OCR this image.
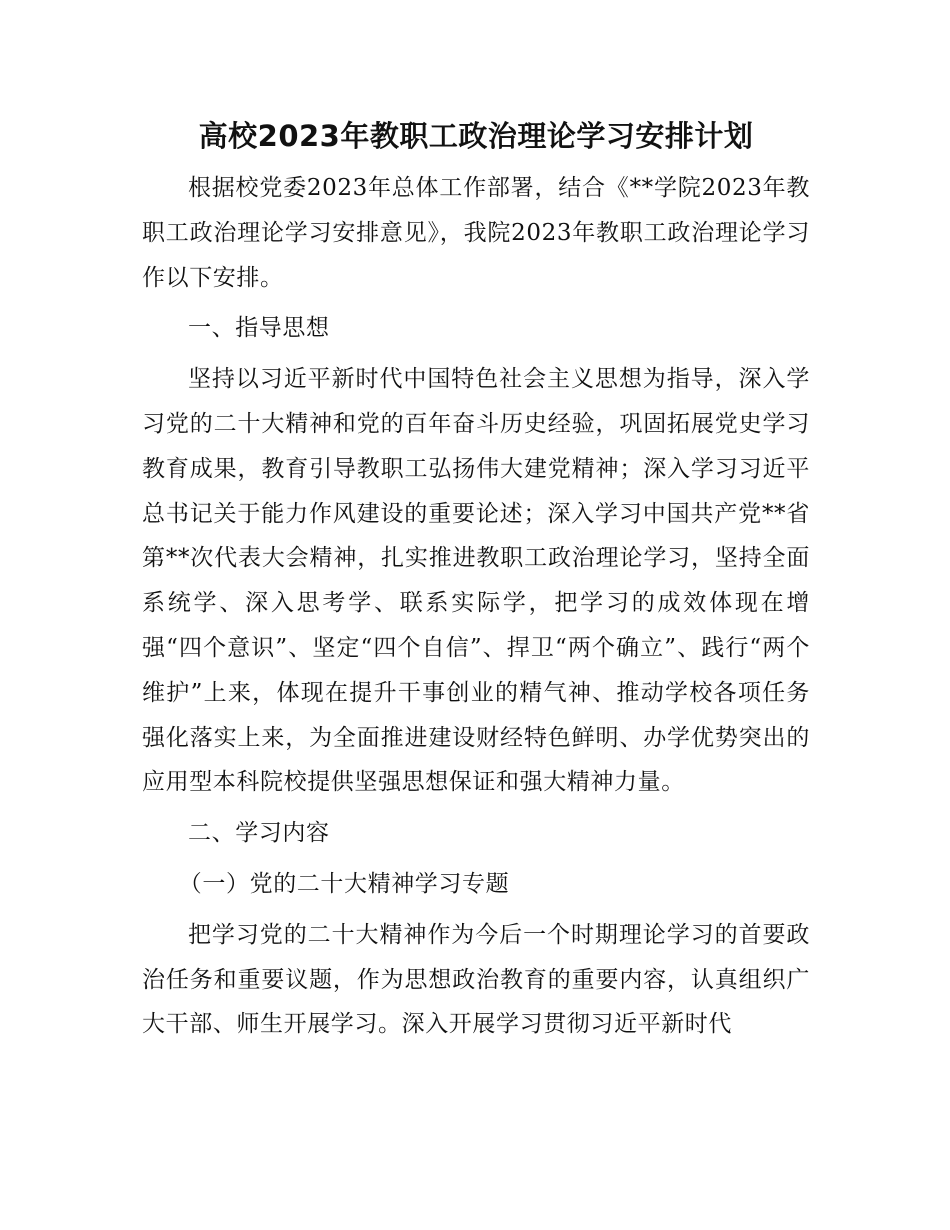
高校2023年教职工政治理论学习安排计划

根据校党委2023年总体工作部署，结合《**学院2023年教职工政治理论学习安排意见》，我院2023年教职工政治理论学习作以下安排。

一、指导思想

坚持以习近平新时代中国特色社会主义思想为指导，深入学习党的二十大精神和党的百年奋斗历史经验，巩固拓展党史学习教育成果，教育引导教职工弘扬伟大建党精神；深入学习习近平总书记关于能力作风建设的重要论述；深入学习中国共产党**省第**次代表大会精神，扎实推进教职工政治理论学习，坚持全面系统学、深入思考学、联系实际学，把学习的成效体现在增强“四个意识”、坚定“四个自信”、捍卫“两个确立”、践行“两个维护”上来，体现在提升干事创业的精气神、推动学校各项任务强化落实上来，为全面推进建设财经特色鲜明、办学优势突出的应用型本科院校提供坚强思想保证和强大精神力量。

二、学习内容

（一）党的二十大精神学习专题

把学习党的二十大精神作为今后一个时期理论学习的首要政治任务和重要议题，作为思想政治教育的重要内容，认真组织广大干部、师生开展学习。深入开展学习贯彻习近平新时代
